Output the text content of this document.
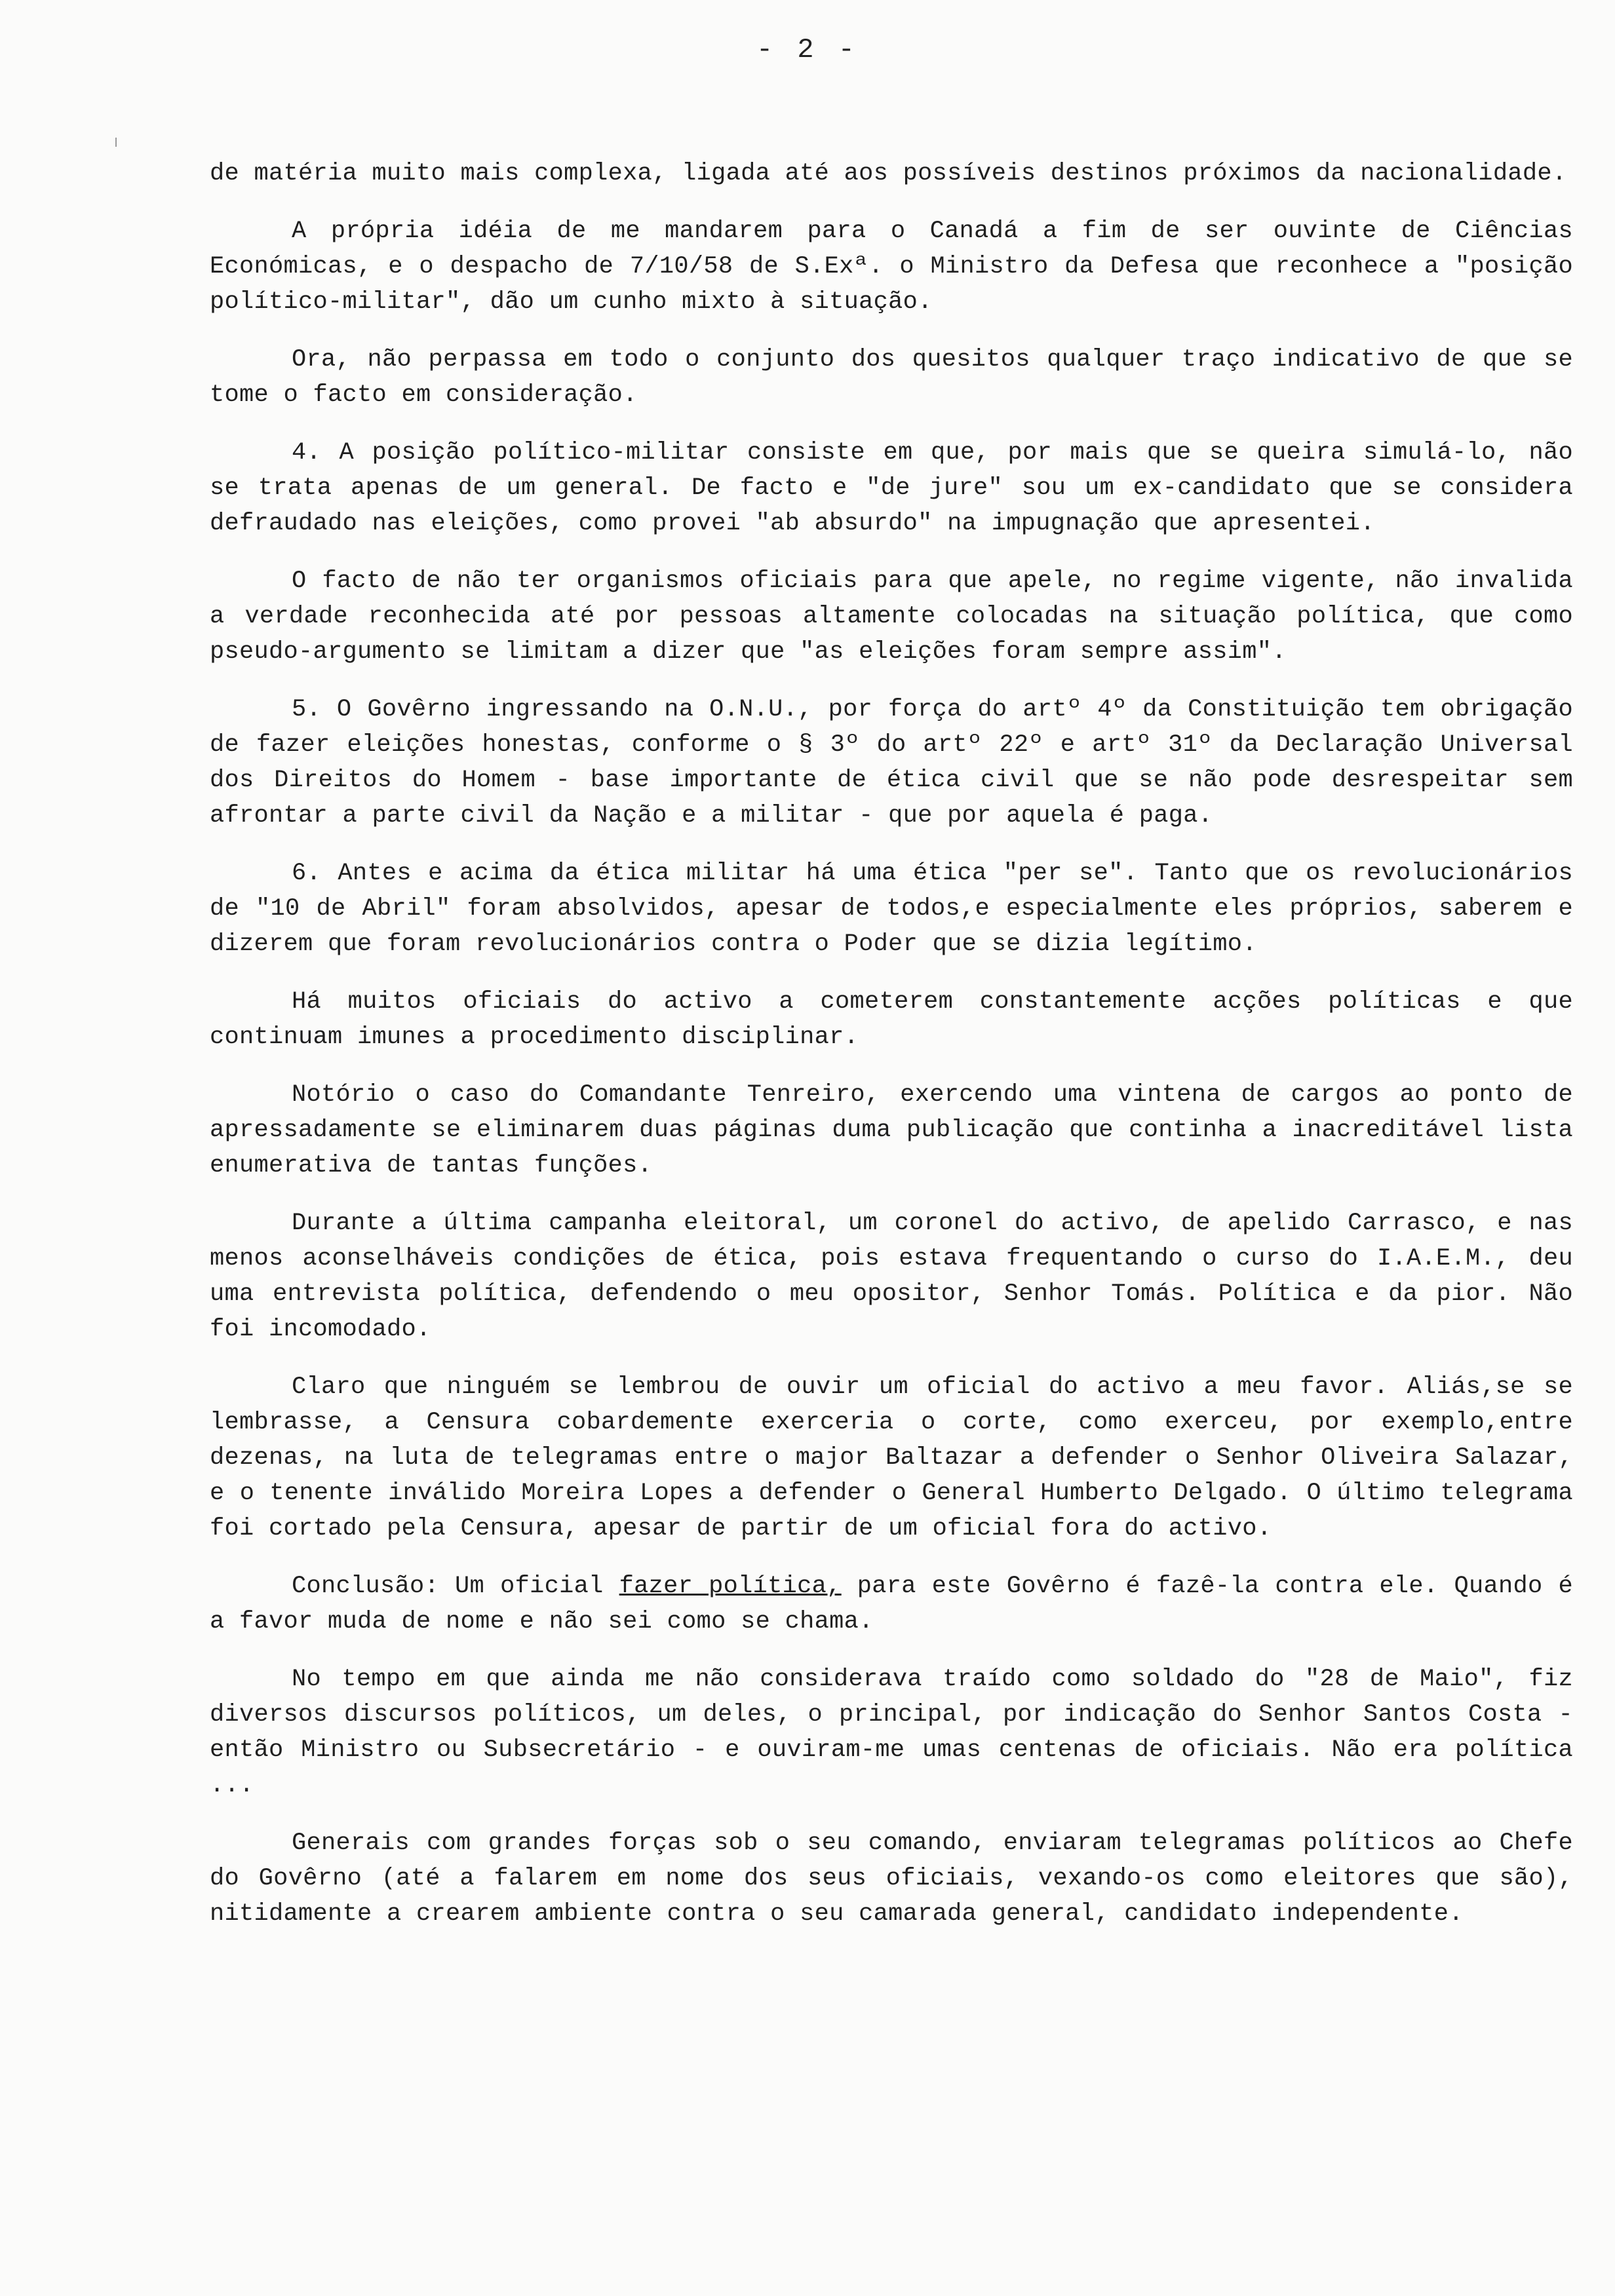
- 2 -

de matéria muito mais complexa, ligada até aos possíveis destinos próximos da nacionalidade.

A própria idéia de me mandarem para o Canadá a fim de ser ouvinte de Ciências Económicas, e o despacho de 7/10/58 de S.Exª. o Ministro da Defesa que reconhece a "posição político-militar", dão um cunho mixto à situação.

Ora, não perpassa em todo o conjunto dos quesitos qualquer traço indicativo de que se tome o facto em consideração.

4. A posição político-militar consiste em que, por mais que se queira simulá-lo, não se trata apenas de um general. De facto e "de jure" sou um ex-candidato que se considera defraudado nas eleições, como provei "ab absurdo" na impugnação que apresentei.

O facto de não ter organismos oficiais para que apele, no regime vigente, não invalida a verdade reconhecida até por pessoas altamente colocadas na situação política, que como pseudo-argumento se limitam a dizer que "as eleições foram sempre assim".

5. O Govêrno ingressando na O.N.U., por força do artº 4º da Constituição tem obrigação de fazer eleições honestas, conforme o § 3º do artº 22º e artº 31º da Declaração Universal dos Direitos do Homem - base importante de ética civil que se não pode desrespeitar sem afrontar a parte civil da Nação e a militar - que por aquela é paga.

6. Antes e acima da ética militar há uma ética "per se". Tanto que os revolucionários de "10 de Abril" foram absolvidos, apesar de todos,e especialmente eles próprios, saberem e dizerem que foram revolucionários contra o Poder que se dizia legítimo.

Há muitos oficiais do activo a cometerem constantemente acções políticas e que continuam imunes a procedimento disciplinar.

Notório o caso do Comandante Tenreiro, exercendo uma vintena de cargos ao ponto de apressadamente se eliminarem duas páginas duma publicação que continha a inacreditável lista enumerativa de tantas funções.

Durante a última campanha eleitoral, um coronel do activo, de apelido Carrasco, e nas menos aconselháveis condições de ética, pois estava frequentando o curso do I.A.E.M., deu uma entrevista política, defendendo o meu opositor, Senhor Tomás. Política e da pior. Não foi incomodado.

Claro que ninguém se lembrou de ouvir um oficial do activo a meu favor. Aliás,se se lembrasse, a Censura cobardemente exerceria o corte, como exerceu, por exemplo,entre dezenas, na luta de telegramas entre o major Baltazar a defender o Senhor Oliveira Salazar, e o tenente inválido Moreira Lopes a defender o General Humberto Delgado. O último telegrama foi cortado pela Censura, apesar de partir de um oficial fora do activo.

Conclusão: Um oficial fazer política, para este Govêrno é fazê-la contra ele. Quando é a favor muda de nome e não sei como se chama.

No tempo em que ainda me não considerava traído como soldado do "28 de Maio", fiz diversos discursos políticos, um deles, o principal, por indicação do Senhor Santos Costa - então Ministro ou Subsecretário - e ouviram-me umas centenas de oficiais. Não era política ...

Generais com grandes forças sob o seu comando, enviaram telegramas políticos ao Chefe do Govêrno (até a falarem em nome dos seus oficiais, vexando-os como eleitores que são), nitidamente a crearem ambiente contra o seu camarada general, candidato independente.
